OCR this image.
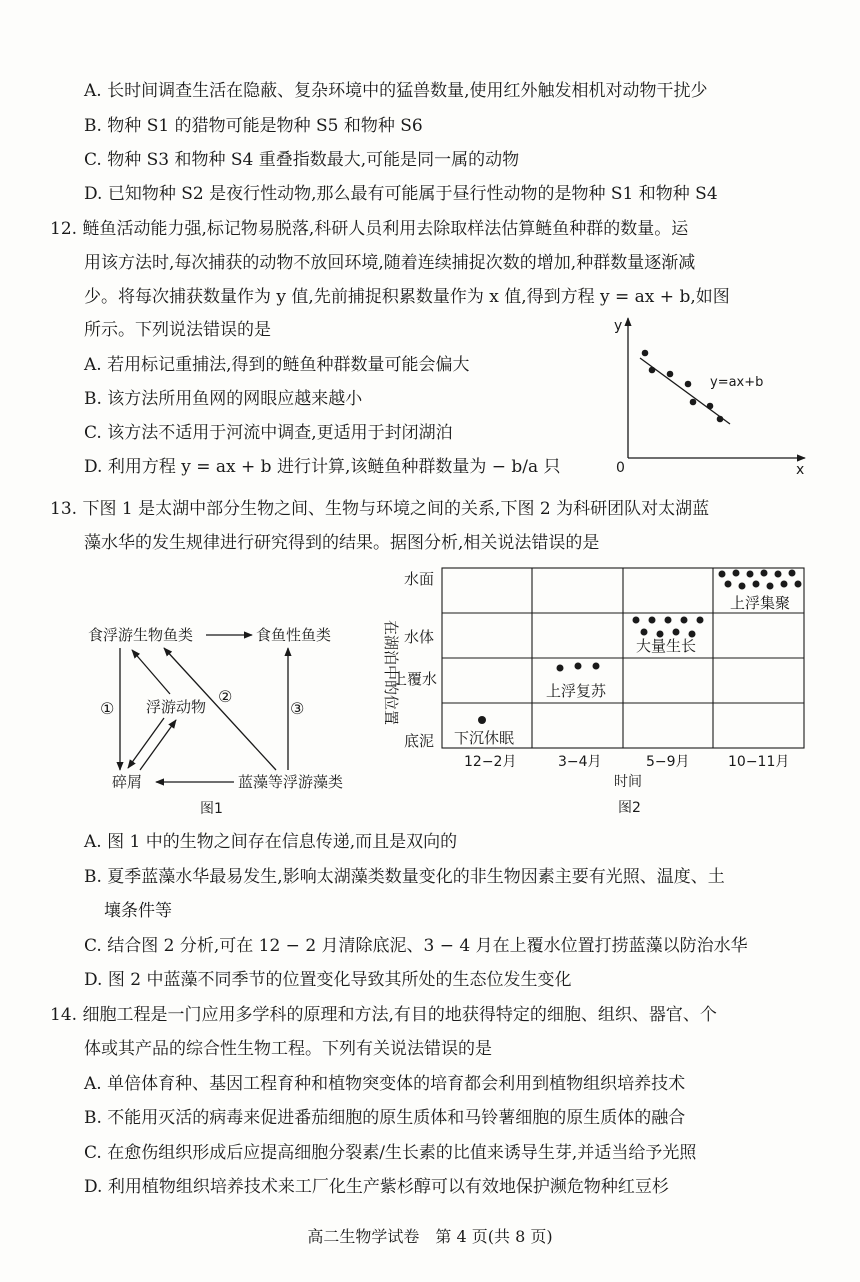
A. 长时间调查生活在隐蔽、复杂环境中的猛兽数量,使用红外触发相机对动物干扰少
B. 物种 S1 的猎物可能是物种 S5 和物种 S6
C. 物种 S3 和物种 S4 重叠指数最大,可能是同一属的动物
D. 已知物种 S2 是夜行性动物,那么最有可能属于昼行性动物的是物种 S1 和物种 S4
12. 鲢鱼活动能力强,标记物易脱落,科研人员利用去除取样法估算鲢鱼种群的数量。运
用该方法时,每次捕获的动物不放回环境,随着连续捕捉次数的增加,种群数量逐渐减
少。将每次捕获数量作为 y 值,先前捕捉积累数量作为 x 值,得到方程 y = ax + b,如图
所示。下列说法错误的是
A. 若用标记重捕法,得到的鲢鱼种群数量可能会偏大
B. 该方法所用鱼网的网眼应越来越小
C. 该方法不适用于河流中调查,更适用于封闭湖泊
D. 利用方程 y = ax + b 进行计算,该鲢鱼种群数量为 − b/a 只
y
x
0
y=ax+b
13. 下图 1 是太湖中部分生物之间、生物与环境之间的关系,下图 2 为科研团队对太湖蓝
藻水华的发生规律进行研究得到的结果。据图分析,相关说法错误的是
食浮游生物鱼类	食鱼性鱼类
浮游动物
碎屑	蓝藻等浮游藻类
①
②
③
图1
在湖泊中的位置
水面
水体
上覆水
底泥 下沉休眠
上浮复苏
大量生长
上浮集聚
12−2月	3−4月	5−9月	10−11月
时间
图2
A. 图 1 中的生物之间存在信息传递,而且是双向的
B. 夏季蓝藻水华最易发生,影响太湖藻类数量变化的非生物因素主要有光照、温度、土
壤条件等
C. 结合图 2 分析,可在 12 − 2 月清除底泥、3 − 4 月在上覆水位置打捞蓝藻以防治水华
D. 图 2 中蓝藻不同季节的位置变化导致其所处的生态位发生变化
14. 细胞工程是一门应用多学科的原理和方法,有目的地获得特定的细胞、组织、器官、个
体或其产品的综合性生物工程。下列有关说法错误的是
A. 单倍体育种、基因工程育种和植物突变体的培育都会利用到植物组织培养技术
B. 不能用灭活的病毒来促进番茄细胞的原生质体和马铃薯细胞的原生质体的融合
C. 在愈伤组织形成后应提高细胞分裂素/生长素的比值来诱导生芽,并适当给予光照
D. 利用植物组织培养技术来工厂化生产紫杉醇可以有效地保护濒危物种红豆杉
高二生物学试卷　第 4 页(共 8 页)
